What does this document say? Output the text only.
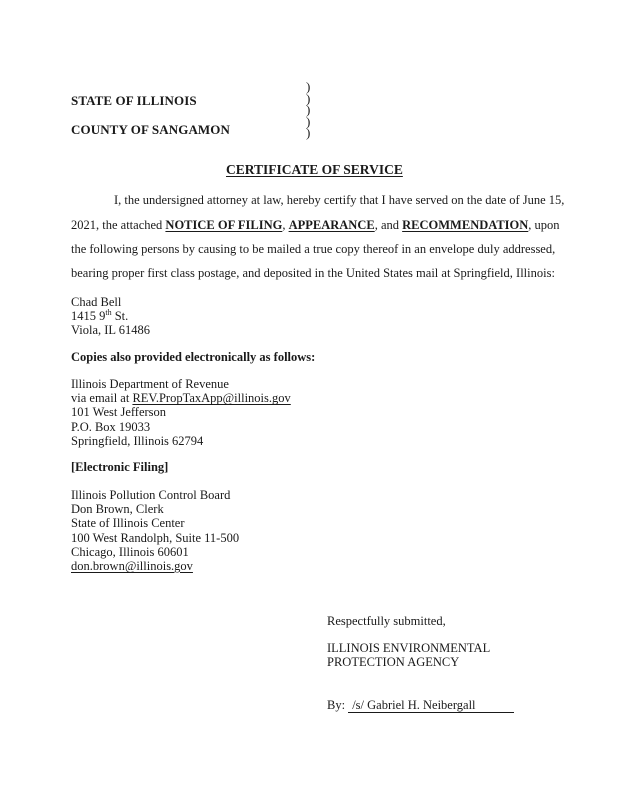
STATE OF ILLINOIS
COUNTY OF SANGAMON
)
)
)
)
)
CERTIFICATE OF SERVICE
I, the undersigned attorney at law, hereby certify that I have served on the date of June 15,
2021, the attached NOTICE OF FILING, APPEARANCE, and RECOMMENDATION, upon
the following persons by causing to be mailed a true copy thereof in an envelope duly addressed,
bearing proper first class postage, and deposited in the United States mail at Springfield, Illinois:
Chad Bell
1415 9th St.
Viola, IL 61486
Copies also provided electronically as follows:
Illinois Department of Revenue
via email at REV.PropTaxApp@illinois.gov
101 West Jefferson
P.O. Box 19033
Springfield, Illinois 62794
[Electronic Filing]
Illinois Pollution Control Board
Don Brown, Clerk
State of Illinois Center
100 West Randolph, Suite 11-500
Chicago, Illinois 60601
don.brown@illinois.gov
Respectfully submitted,
ILLINOIS ENVIRONMENTAL
PROTECTION AGENCY
By: /s/ Gabriel H. Neibergall
